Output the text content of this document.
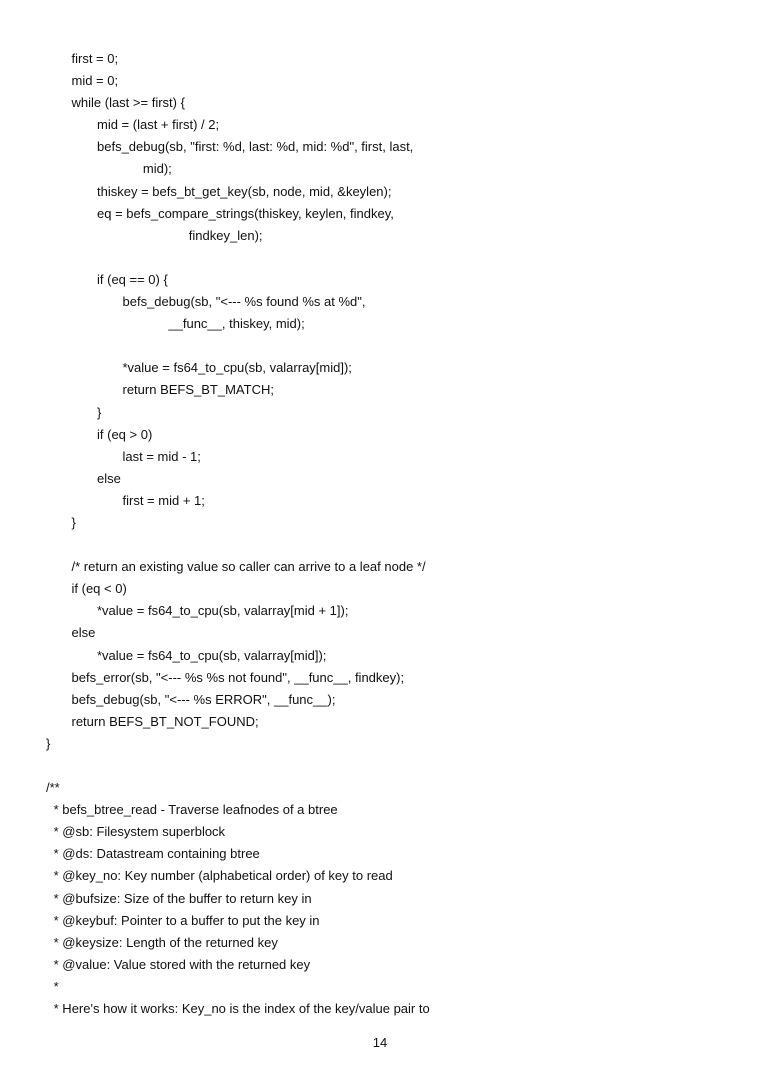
first = 0;
mid = 0;
while (last >= first) {
mid = (last + first) / 2;
befs_debug(sb, "first: %d, last: %d, mid: %d", first, last,
mid);
thiskey = befs_bt_get_key(sb, node, mid, &keylen);
eq = befs_compare_strings(thiskey, keylen, findkey,
findkey_len);
if (eq == 0) {
befs_debug(sb, "<--- %s found %s at %d",
__func__, thiskey, mid);
*value = fs64_to_cpu(sb, valarray[mid]);
return BEFS_BT_MATCH;
}
if (eq > 0)
last = mid - 1;
else
first = mid + 1;
}
/* return an existing value so caller can arrive to a leaf node */
if (eq < 0)
*value = fs64_to_cpu(sb, valarray[mid + 1]);
else
*value = fs64_to_cpu(sb, valarray[mid]);
befs_error(sb, "<--- %s %s not found", __func__, findkey);
befs_debug(sb, "<--- %s ERROR", __func__);
return BEFS_BT_NOT_FOUND;
}
/**
* befs_btree_read - Traverse leafnodes of a btree
* @sb: Filesystem superblock
* @ds: Datastream containing btree
* @key_no: Key number (alphabetical order) of key to read
* @bufsize: Size of the buffer to return key in
* @keybuf: Pointer to a buffer to put the key in
* @keysize: Length of the returned key
* @value: Value stored with the returned key
*
* Here's how it works: Key_no is the index of the key/value pair to
14
